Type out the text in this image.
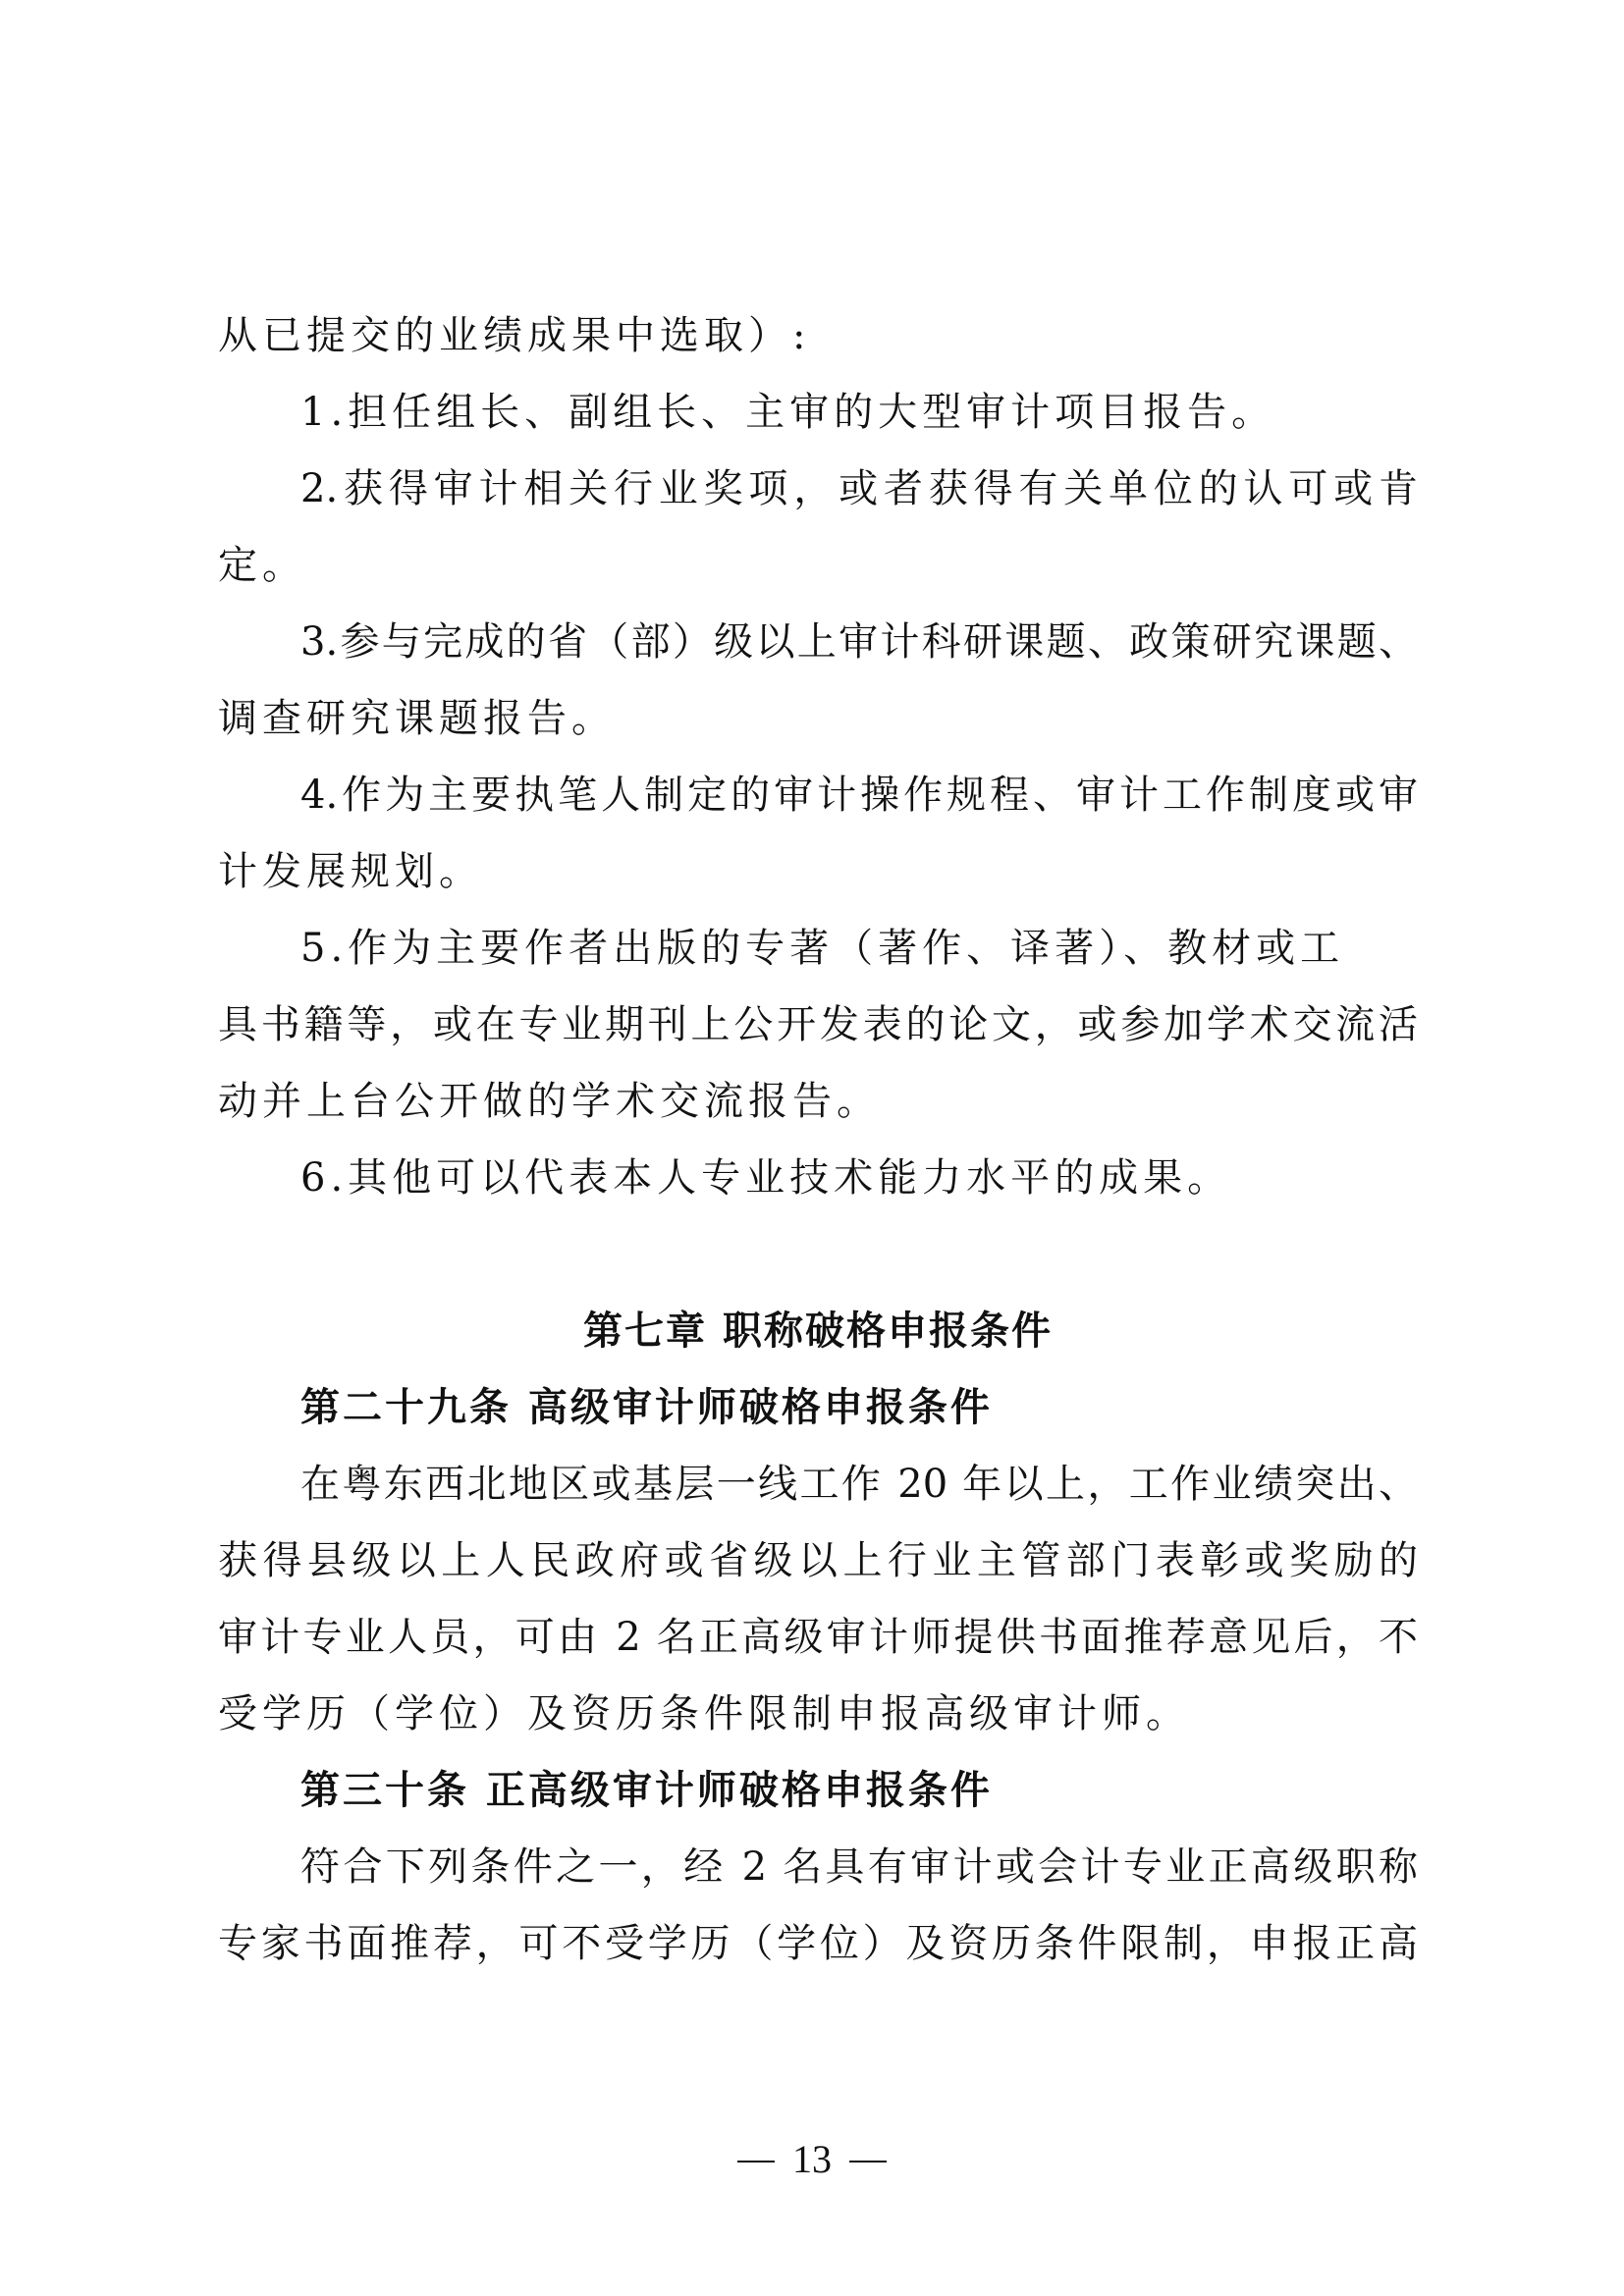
从已提交的业绩成果中选取）:
1.担任组长、副组长、主审的大型审计项目报告。
2.获得审计相关行业奖项，或者获得有关单位的认可或肯
定。
3.参与完成的省（部）级以上审计科研课题、政策研究课题、
调查研究课题报告。
4.作为主要执笔人制定的审计操作规程、审计工作制度或审
计发展规划。
5.作为主要作者出版的专著（著作、译著）、教材或工
具书籍等，或在专业期刊上公开发表的论文，或参加学术交流活
动并上台公开做的学术交流报告。
6.其他可以代表本人专业技术能力水平的成果。
第七章 职称破格申报条件
第二十九条 高级审计师破格申报条件
在粤东西北地区或基层一线工作 20 年以上，工作业绩突出、
获得县级以上人民政府或省级以上行业主管部门表彰或奖励的
审计专业人员，可由 2 名正高级审计师提供书面推荐意见后，不
受学历（学位）及资历条件限制申报高级审计师。
第三十条 正高级审计师破格申报条件
符合下列条件之一，经 2 名具有审计或会计专业正高级职称
专家书面推荐，可不受学历（学位）及资历条件限制，申报正高
13
